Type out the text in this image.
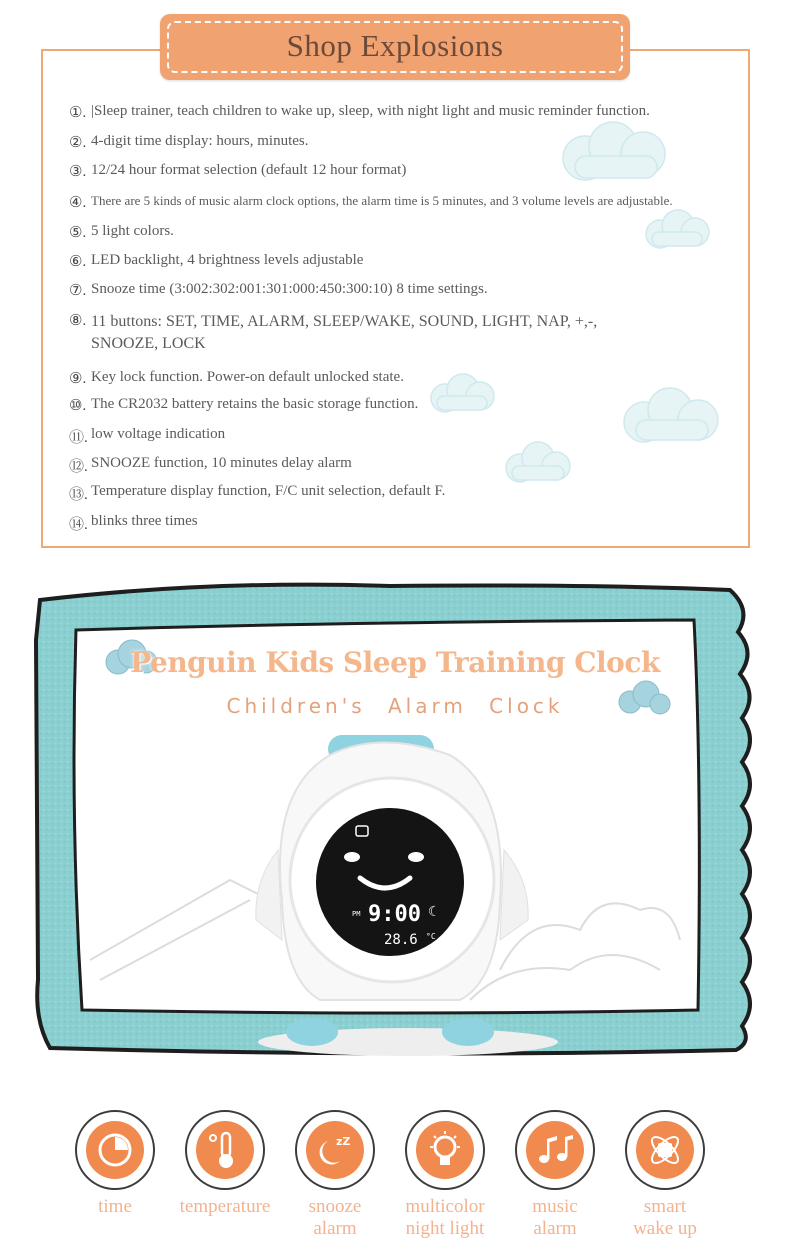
Shop Explosions
①. |Sleep trainer, teach children to wake up, sleep, with night light and music reminder function.
②. 4-digit time display: hours, minutes.
③. 12/24 hour format selection (default 12 hour format)
④. There are 5 kinds of music alarm clock options, the alarm time is 5 minutes, and 3 volume levels are adjustable.
⑤. 5 light colors.
⑥. LED backlight, 4 brightness levels adjustable
⑦. Snooze time (3:002:302:001:301:000:450:300:10) 8 time settings.
⑧. 11 buttons: SET, TIME, ALARM, SLEEP/WAKE, SOUND, LIGHT, NAP, +,-, SNOOZE, LOCK
⑨. Key lock function. Power-on default unlocked state.
⑩. The CR2032 battery retains the basic storage function.
⑪. low voltage indication
⑫. SNOOZE function, 10 minutes delay alarm
⑬. Temperature display function, F/C unit selection, default F.
⑭. blinks three times
Penguin Kids Sleep Training Clock
Children's Alarm Clock
PM 9:00 ☾
28.6 °C
time	temperature
zZ
snooze
alarm
multicolor
night light
music
alarm
smart
wake up
